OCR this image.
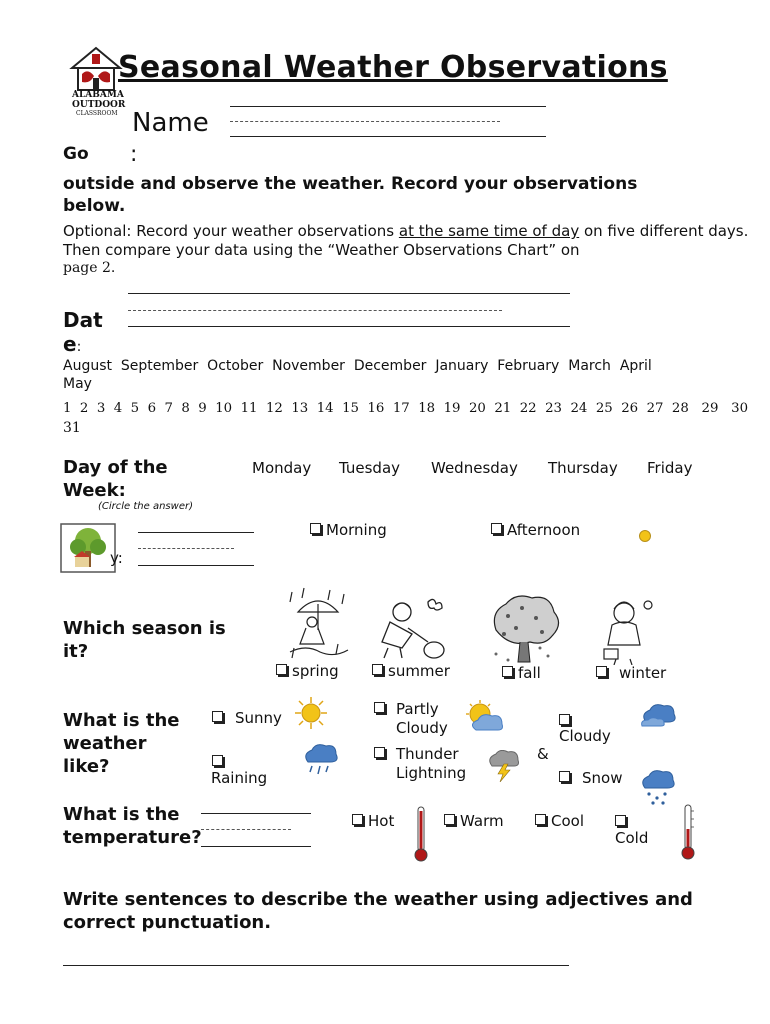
ALABAMA
OUTDOOR
CLASSROOM
Seasonal Weather Observations
Name
:
Go
outside and observe the weather. Record your observations below.
Optional: Record your weather observations at the same time of day on five different days. Then compare your data using the “Weather Observations Chart” on
page 2.
Dat
e:
August  September  October  November  December  January  February  March  April
May
1  2  3  4  5  6  7  8  9  10  11  12  13  14  15  16  17  18  19  20  21  22  23  24  25  26  27  28   29   30
31
Day of the Week:
Monday Tuesday Wednesday Thursday Friday
(Circle the answer)
y:
Morning	Afternoon
Which season is it?
spring	summer	fall	winter
What is the weather like?
Sunny
Raining
Partly Cloudy
Thunder Lightning
Cloudy
&
Snow
What is the temperature?
Hot	Warm	Cool
Cold
Write sentences to describe the weather using adjectives and correct punctuation.
